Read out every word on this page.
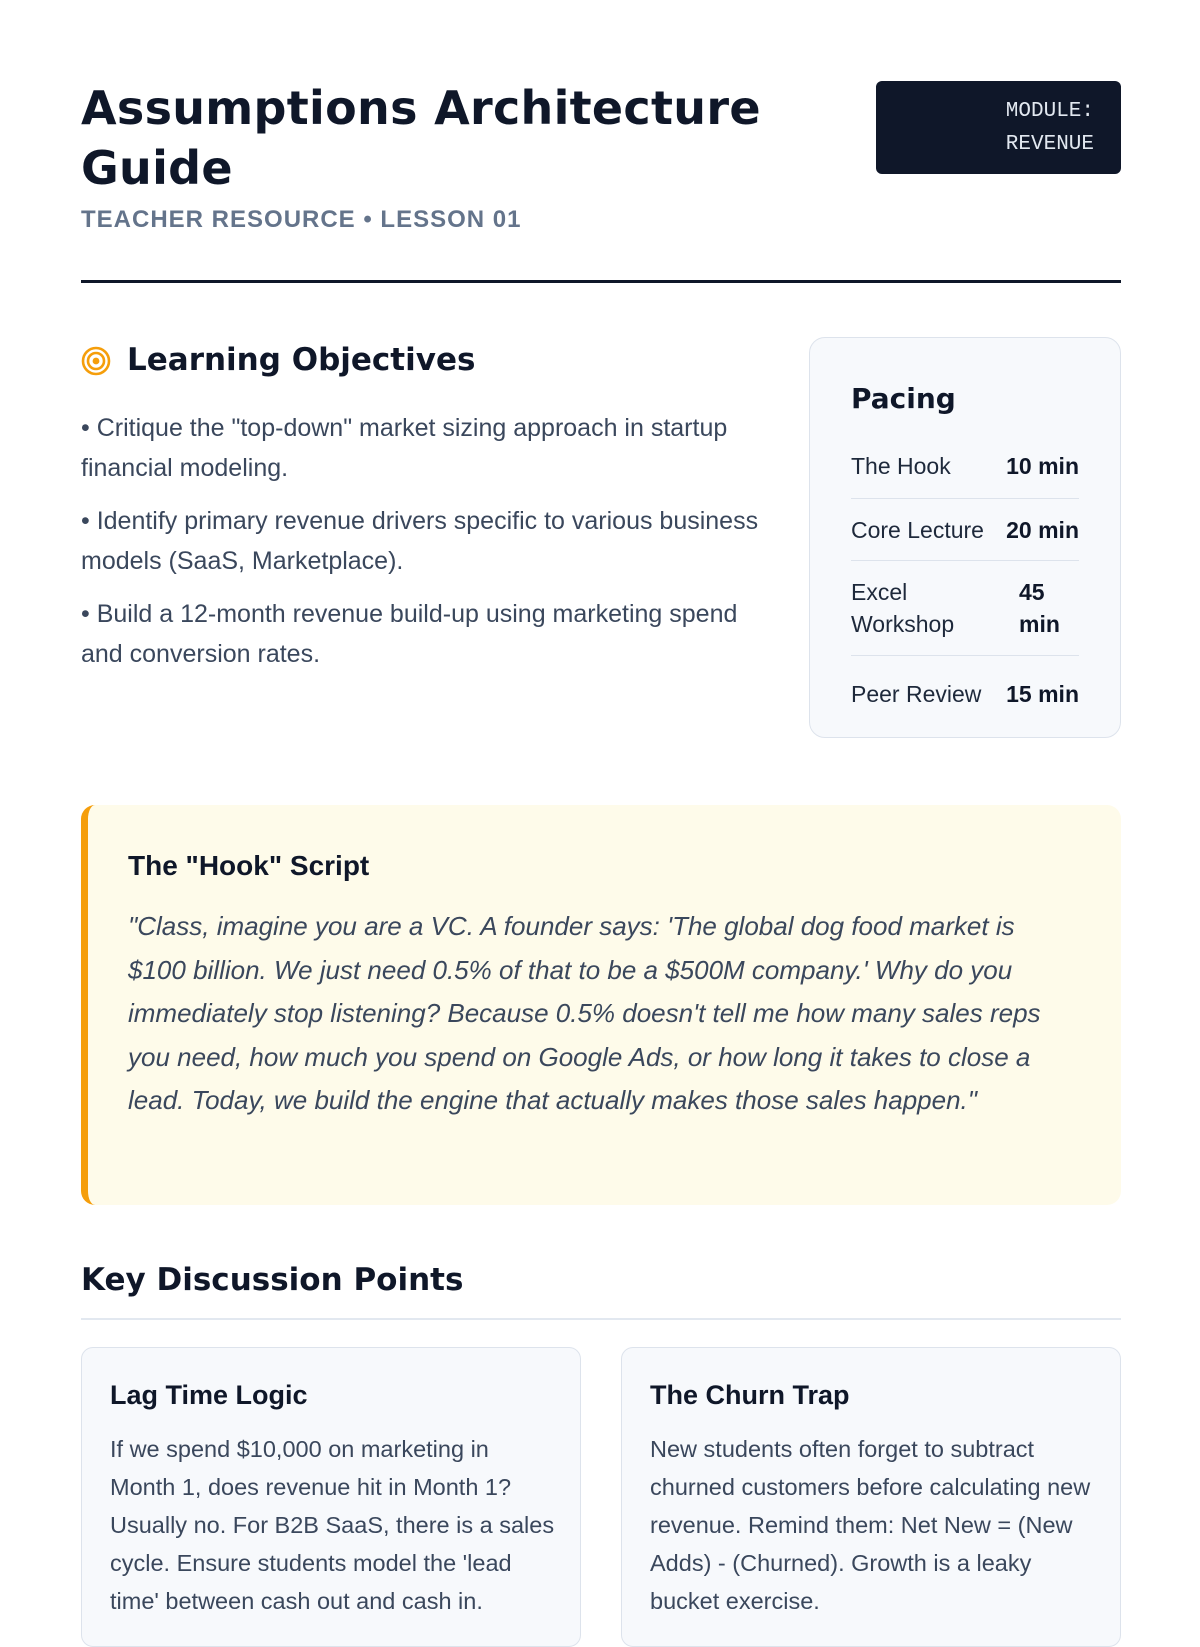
Assumptions Architecture Guide
TEACHER RESOURCE • LESSON 01
MODULE:
REVENUE
Learning Objectives
• Critique the "top-down" market sizing approach in startup financial modeling.
• Identify primary revenue drivers specific to various business models (SaaS, Marketplace).
• Build a 12-month revenue build-up using marketing spend and conversion rates.
Pacing
The Hook 10 min
Core Lecture 20 min
Excel Workshop
45 min
Peer Review 15 min
The "Hook" Script

"Class, imagine you are a VC. A founder says: 'The global dog food market is $100 billion. We just need 0.5% of that to be a $500M company.' Why do you immediately stop listening? Because 0.5% doesn't tell me how many sales reps you need, how much you spend on Google Ads, or how long it takes to close a lead. Today, we build the engine that actually makes those sales happen."

Key Discussion Points
Lag Time Logic

If we spend $10,000 on marketing in Month 1, does revenue hit in Month 1? Usually no. For B2B SaaS, there is a sales cycle. Ensure students model the 'lead time' between cash out and cash in.

The Churn Trap

New students often forget to subtract churned customers before calculating new revenue. Remind them: Net New = (New Adds) - (Churned). Growth is a leaky bucket exercise.
